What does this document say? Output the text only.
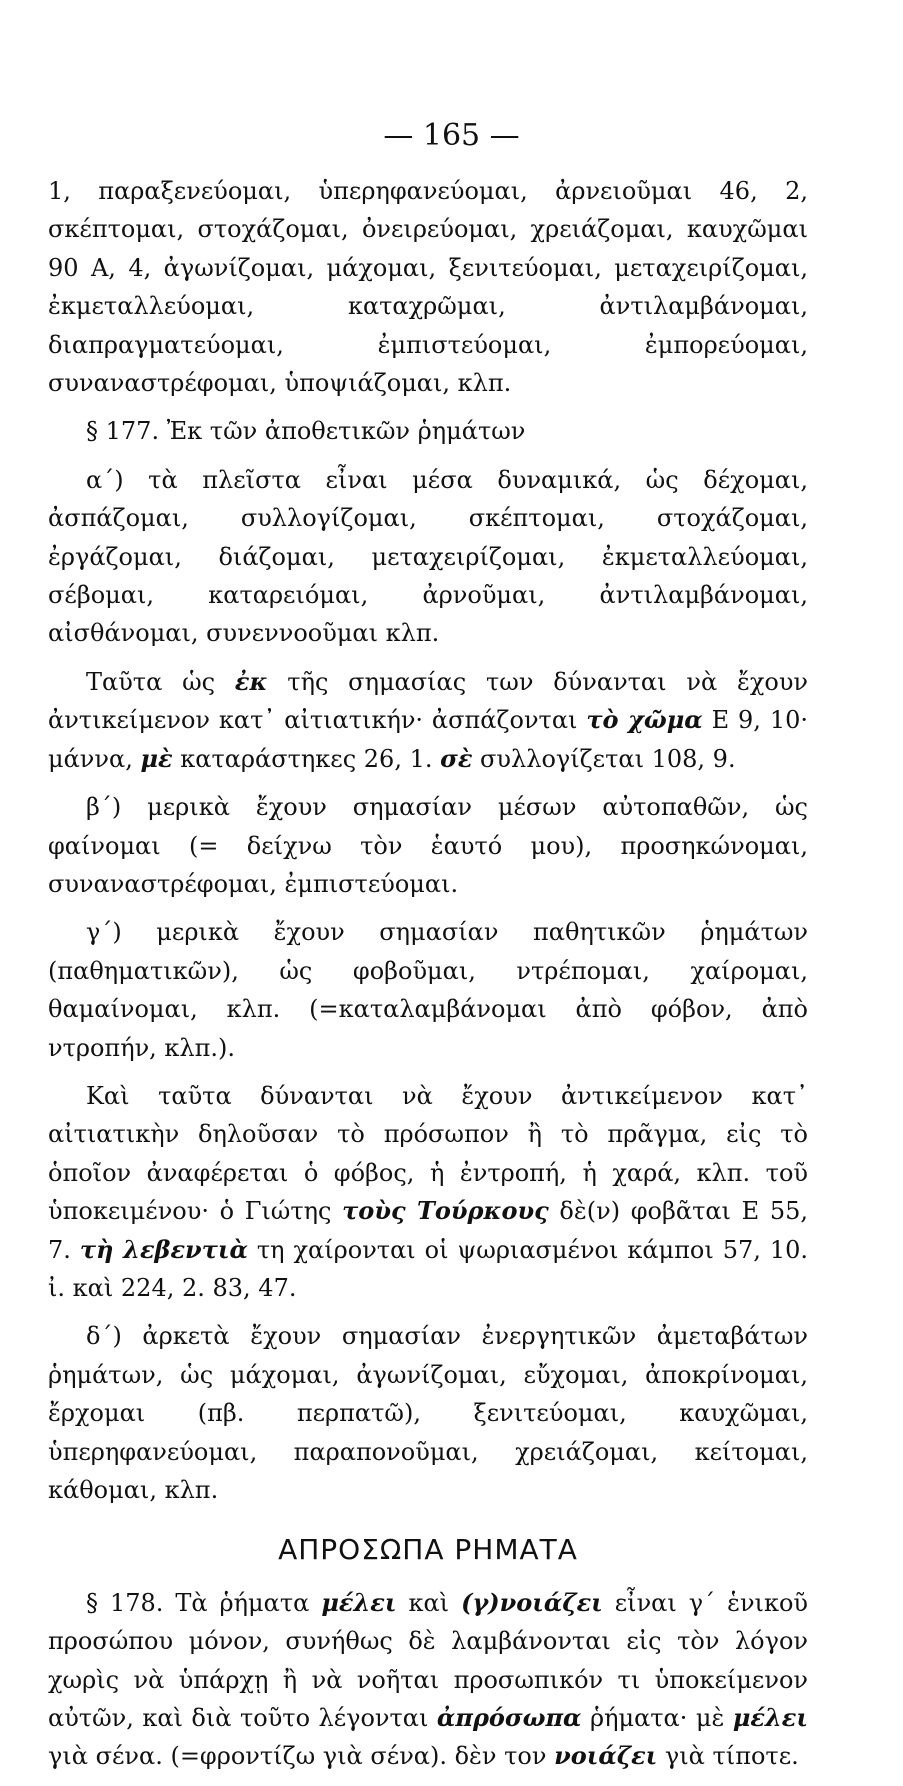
— 165 —

1, παραξενεύομαι, ὑπερηφανεύομαι, ἀρνειοῦμαι 46, 2, σκέπτομαι, στοχάζομαι, ὀνειρεύομαι, χρειάζομαι, καυχῶμαι 90 Α, 4, ἀγωνίζομαι, μάχομαι, ξενιτεύομαι, μεταχειρίζομαι, ἐκμεταλλεύομαι, καταχρῶμαι, ἀντιλαμβάνομαι, διαπραγματεύομαι, ἐμπιστεύομαι, ἐμπορεύομαι, συναναστρέφομαι, ὑποψιάζομαι, κλπ.

§ 177. Ἐκ τῶν ἀποθετικῶν ῥημάτων

α΄) τὰ πλεῖστα εἶναι μέσα δυναμικά, ὡς δέχομαι, ἀσπάζομαι, συλλογίζομαι, σκέπτομαι, στοχάζομαι, ἐργάζομαι, διάζομαι, μεταχειρίζομαι, ἐκμεταλλεύομαι, σέβομαι, καταρειόμαι, ἀρνοῦμαι, ἀντιλαμβάνομαι, αἰσθάνομαι, συνεννοοῦμαι κλπ.

Ταῦτα ὡς ἐκ τῆς σημασίας των δύνανται νὰ ἔχουν ἀντικείμενον κατ᾽ αἰτιατικήν· ἀσπάζονται τὸ χῶμα Ε 9, 10· μάννα, μὲ καταράστηκες 26, 1. σὲ συλλογίζεται 108, 9.

β΄) μερικὰ ἔχουν σημασίαν μέσων αὐτοπαθῶν, ὡς φαίνομαι (= δείχνω τὸν ἑαυτό μου), προσηκώνομαι, συναναστρέφομαι, ἐμπιστεύομαι.

γ΄) μερικὰ ἔχουν σημασίαν παθητικῶν ῥημάτων (παθηματικῶν), ὡς φοβοῦμαι, ντρέπομαι, χαίρομαι, θαμαίνομαι, κλπ. (=καταλαμβάνομαι ἀπὸ φόβον, ἀπὸ ντροπήν, κλπ.).

Καὶ ταῦτα δύνανται νὰ ἔχουν ἀντικείμενον κατ᾽ αἰτιατικὴν δηλοῦσαν τὸ πρόσωπον ἢ τὸ πρᾶγμα, εἰς τὸ ὁποῖον ἀναφέρεται ὁ φόβος, ἡ ἐντροπή, ἡ χαρά, κλπ. τοῦ ὑποκειμένου· ὁ Γιώτης τοὺς Τούρκους δὲ(ν) φοβᾶται Ε 55, 7. τὴ λεβεντιὰ τη χαίρονται οἱ ψωριασμένοι κάμποι 57, 10. ἰ. καὶ 224, 2. 83, 47.

δ΄) ἀρκετὰ ἔχουν σημασίαν ἐνεργητικῶν ἀμεταβάτων ῥημάτων, ὡς μάχομαι, ἀγωνίζομαι, εὔχομαι, ἀποκρίνομαι, ἔρχομαι (πβ. περπατῶ), ξενιτεύομαι, καυχῶμαι, ὑπερηφανεύομαι, παραπονοῦμαι, χρειάζομαι, κείτομαι, κάθομαι, κλπ.

ΑΠΡΟΣΩΠΑ ΡΗΜΑΤΑ

§ 178. Τὰ ῥήματα μέλει καὶ (γ)νοιάζει εἶναι γ΄ ἑνικοῦ προσώπου μόνον, συνήθως δὲ λαμβάνονται εἰς τὸν λόγον χωρὶς νὰ ὑπάρχῃ ἢ νὰ νοῆται προσωπικόν τι ὑποκείμενον αὐτῶν, καὶ διὰ τοῦτο λέγονται ἀπρόσωπα ῥήματα· μὲ μέλει γιὰ σένα. (=φροντίζω γιὰ σένα). δὲν τον νοιάζει γιὰ τίποτε.
